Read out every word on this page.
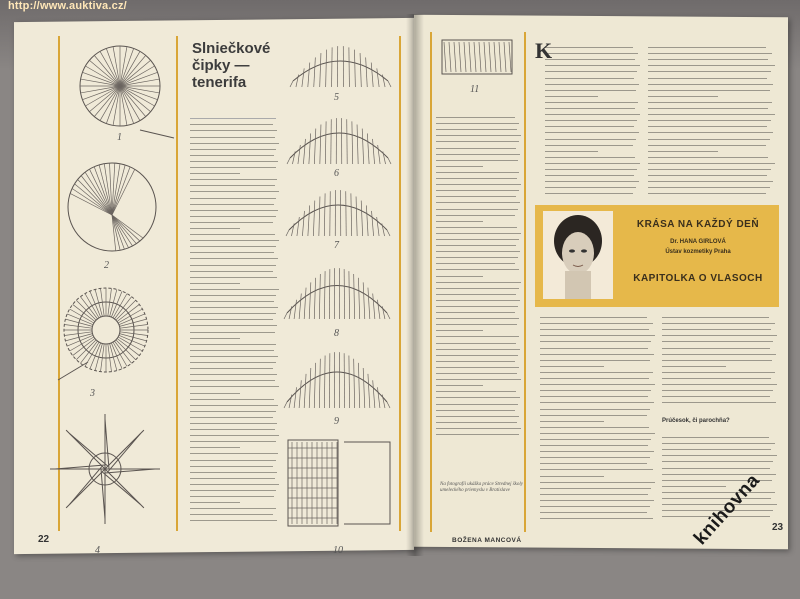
Slniečkové čipky — tenerifa
1
2
3
4
5
6
7
8
9
10
22
11
K
Na fotografii ukážka práce Strednej školy umeleckého priemyslu v Bratislave
BOŽENA MANCOVÁ
Prúčesok, či parochňa?
KRÁSA NA KAŽDÝ DEŇ
Dr. HANA GIRLOVÁ
Ústav kozmetiky Praha
KAPITOLKA O VLASOCH
23
http://www.auktiva.cz/
knihovna
